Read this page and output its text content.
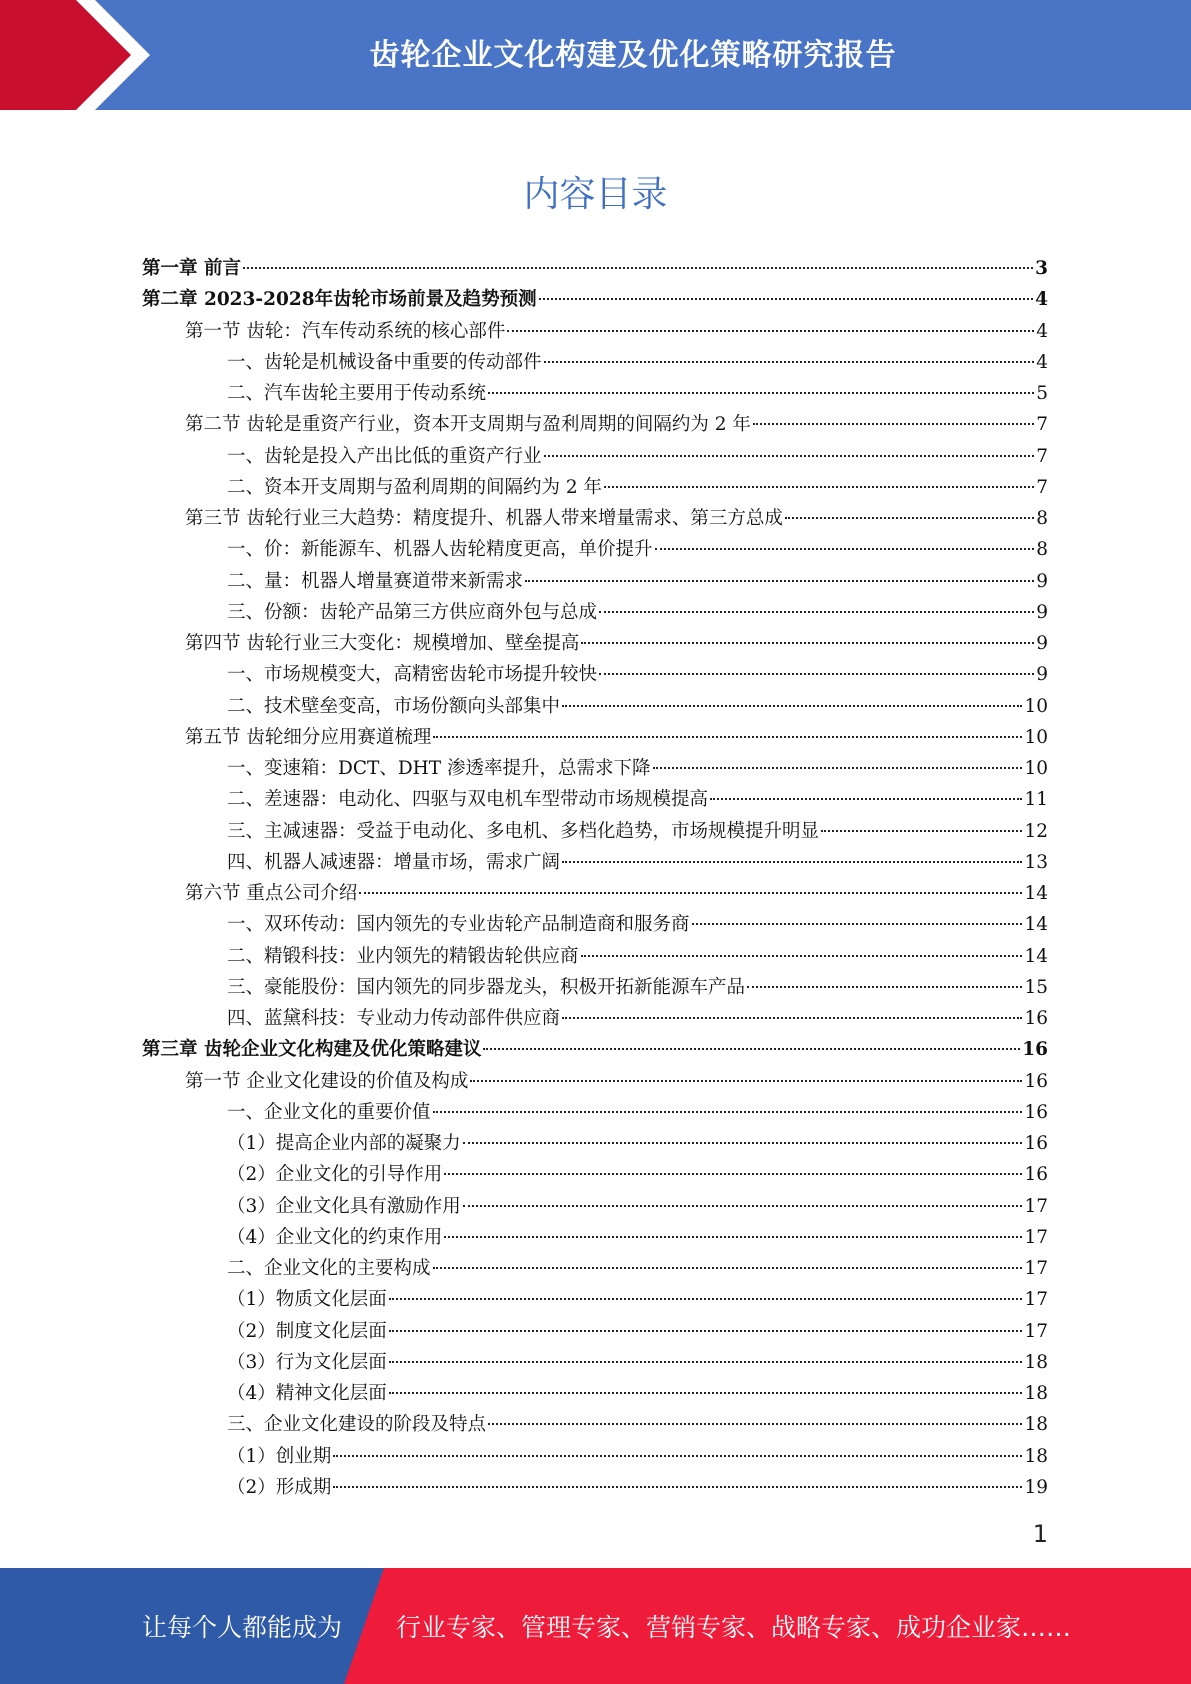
齿轮企业文化构建及优化策略研究报告
内容目录
第一章 前言	3
第二章 2023-2028年齿轮市场前景及趋势预测	4
第一节 齿轮：汽车传动系统的核心部件	4
一、齿轮是机械设备中重要的传动部件	4
二、汽车齿轮主要用于传动系统	5
第二节 齿轮是重资产行业，资本开支周期与盈利周期的间隔约为 2 年	7
一、齿轮是投入产出比低的重资产行业	7
二、资本开支周期与盈利周期的间隔约为 2 年	7
第三节 齿轮行业三大趋势：精度提升、机器人带来增量需求、第三方总成	8
一、价：新能源车、机器人齿轮精度更高，单价提升	8
二、量：机器人增量赛道带来新需求	9
三、份额：齿轮产品第三方供应商外包与总成	9
第四节 齿轮行业三大变化：规模增加、壁垒提高	9
一、市场规模变大，高精密齿轮市场提升较快	9
二、技术壁垒变高，市场份额向头部集中	10
第五节 齿轮细分应用赛道梳理	10
一、变速箱：DCT、DHT 渗透率提升，总需求下降	10
二、差速器：电动化、四驱与双电机车型带动市场规模提高	11
三、主减速器：受益于电动化、多电机、多档化趋势，市场规模提升明显	12
四、机器人减速器：增量市场，需求广阔	13
第六节 重点公司介绍	14
一、双环传动：国内领先的专业齿轮产品制造商和服务商	14
二、精锻科技：业内领先的精锻齿轮供应商	14
三、豪能股份：国内领先的同步器龙头，积极开拓新能源车产品	15
四、蓝黛科技：专业动力传动部件供应商	16
第三章 齿轮企业文化构建及优化策略建议	16
第一节 企业文化建设的价值及构成	16
一、企业文化的重要价值	16
（1）提高企业内部的凝聚力	16
（2）企业文化的引导作用	16
（3）企业文化具有激励作用	17
（4）企业文化的约束作用	17
二、企业文化的主要构成	17
（1）物质文化层面	17
（2）制度文化层面	17
（3）行为文化层面	18
（4）精神文化层面	18
三、企业文化建设的阶段及特点	18
（1）创业期	18
（2）形成期	19
1
让每个人都能成为 行业专家、管理专家、营销专家、战略专家、成功企业家……
